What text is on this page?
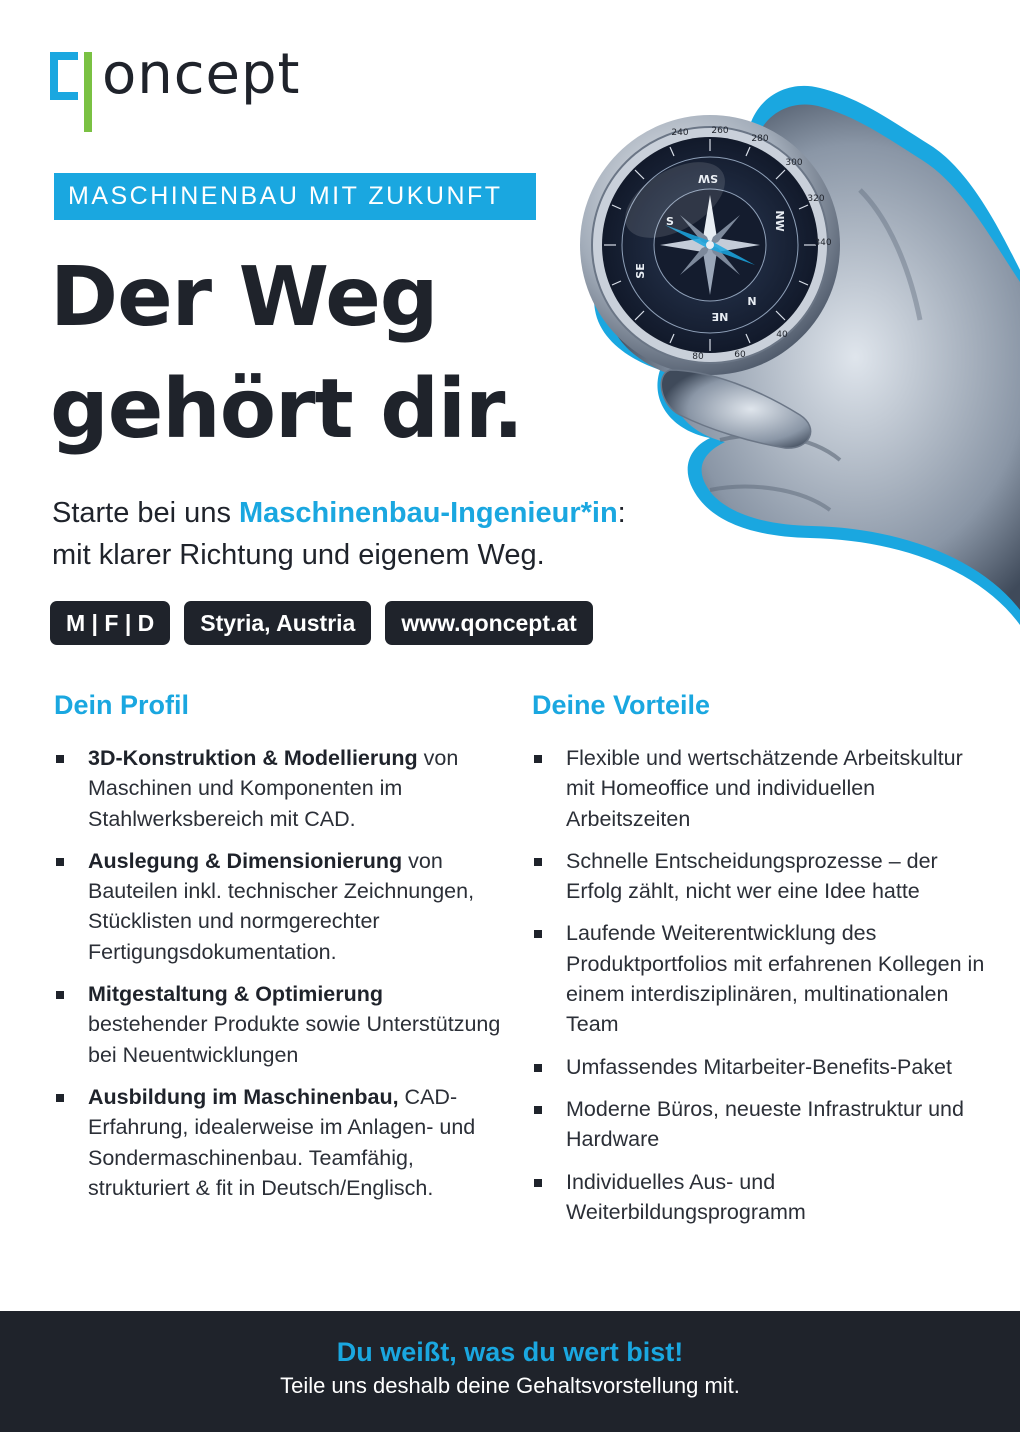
oncept
MASCHINENBAU MIT ZUKUNFT
Der Weg
gehört dir.
Starte bei uns Maschinenbau-Ingenieur*in:
mit klarer Richtung und eigenem Weg.
M | F | D	Styria, Austria	www.qoncept.at
SW
NW
N
NE
SE
S
240	260
280
300
320
340
40
60
80
Dein Profil
3D-Konstruktion & Modellierung von Maschinen und Komponenten im Stahlwerksbereich mit CAD.
Auslegung & Dimensionierung von Bauteilen inkl. technischer Zeichnungen, Stücklisten und normgerechter Fertigungsdokumentation.
Mitgestaltung & Optimierung bestehender Produkte sowie Unterstützung bei Neuentwicklungen
Ausbildung im Maschinenbau, CAD-Erfahrung, idealerweise im Anlagen- und Sondermaschinenbau. Teamfähig, strukturiert & fit in Deutsch/Englisch.
Deine Vorteile
Flexible und wertschätzende Arbeitskultur mit Homeoffice und individuellen Arbeitszeiten
Schnelle Entscheidungsprozesse – der Erfolg zählt, nicht wer eine Idee hatte
Laufende Weiterentwicklung des Produktportfolios mit erfahrenen Kollegen in einem interdisziplinären, multinationalen Team
Umfassendes Mitarbeiter-Benefits-Paket
Moderne Büros, neueste Infrastruktur und Hardware
Individuelles Aus- und Weiterbildungsprogramm
Du weißt, was du wert bist!
Teile uns deshalb deine Gehaltsvorstellung mit.
